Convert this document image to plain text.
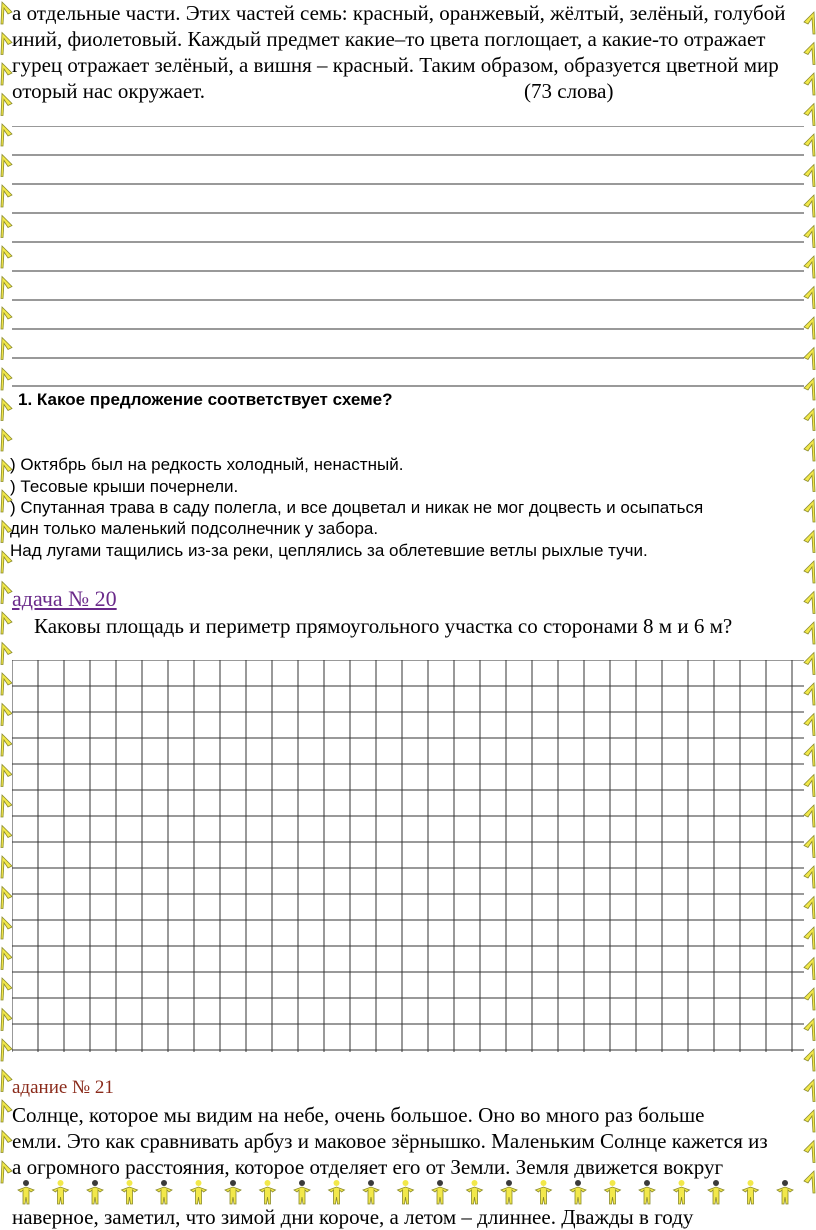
а отдельные части. Этих частей семь: красный, оранжевый, жёлтый, зелёный, голубой
иний, фиолетовый. Каждый предмет какие–то цвета поглощает, а какие-то отражает
гурец отражает зелёный, а вишня – красный. Таким образом, образуется цветной мир
оторый нас окружает.	(73 слова)
1. Какое предложение соответствует схеме?
) Октябрь был на редкость холодный, ненастный.
) Тесовые крыши почернели.
) Спутанная трава в саду полегла, и все доцветал и никак не мог доцвесть и осыпаться
дин только маленький подсолнечник у забора.
Над лугами тащились из-за реки, цеплялись за облетевшие ветлы рыхлые тучи.
адача № 20
Каковы площадь и периметр прямоугольного участка со сторонами 8 м и 6 м?
адание № 21
Солнце, которое мы видим на небе, очень большое. Оно во много раз больше
емли. Это как сравнивать арбуз и маковое зёрнышко. Маленьким Солнце кажется из
а огромного расстояния, которое отделяет его от Земли. Земля движется вокруг
наверное, заметил, что зимой дни короче, а летом – длиннее. Дважды в году
